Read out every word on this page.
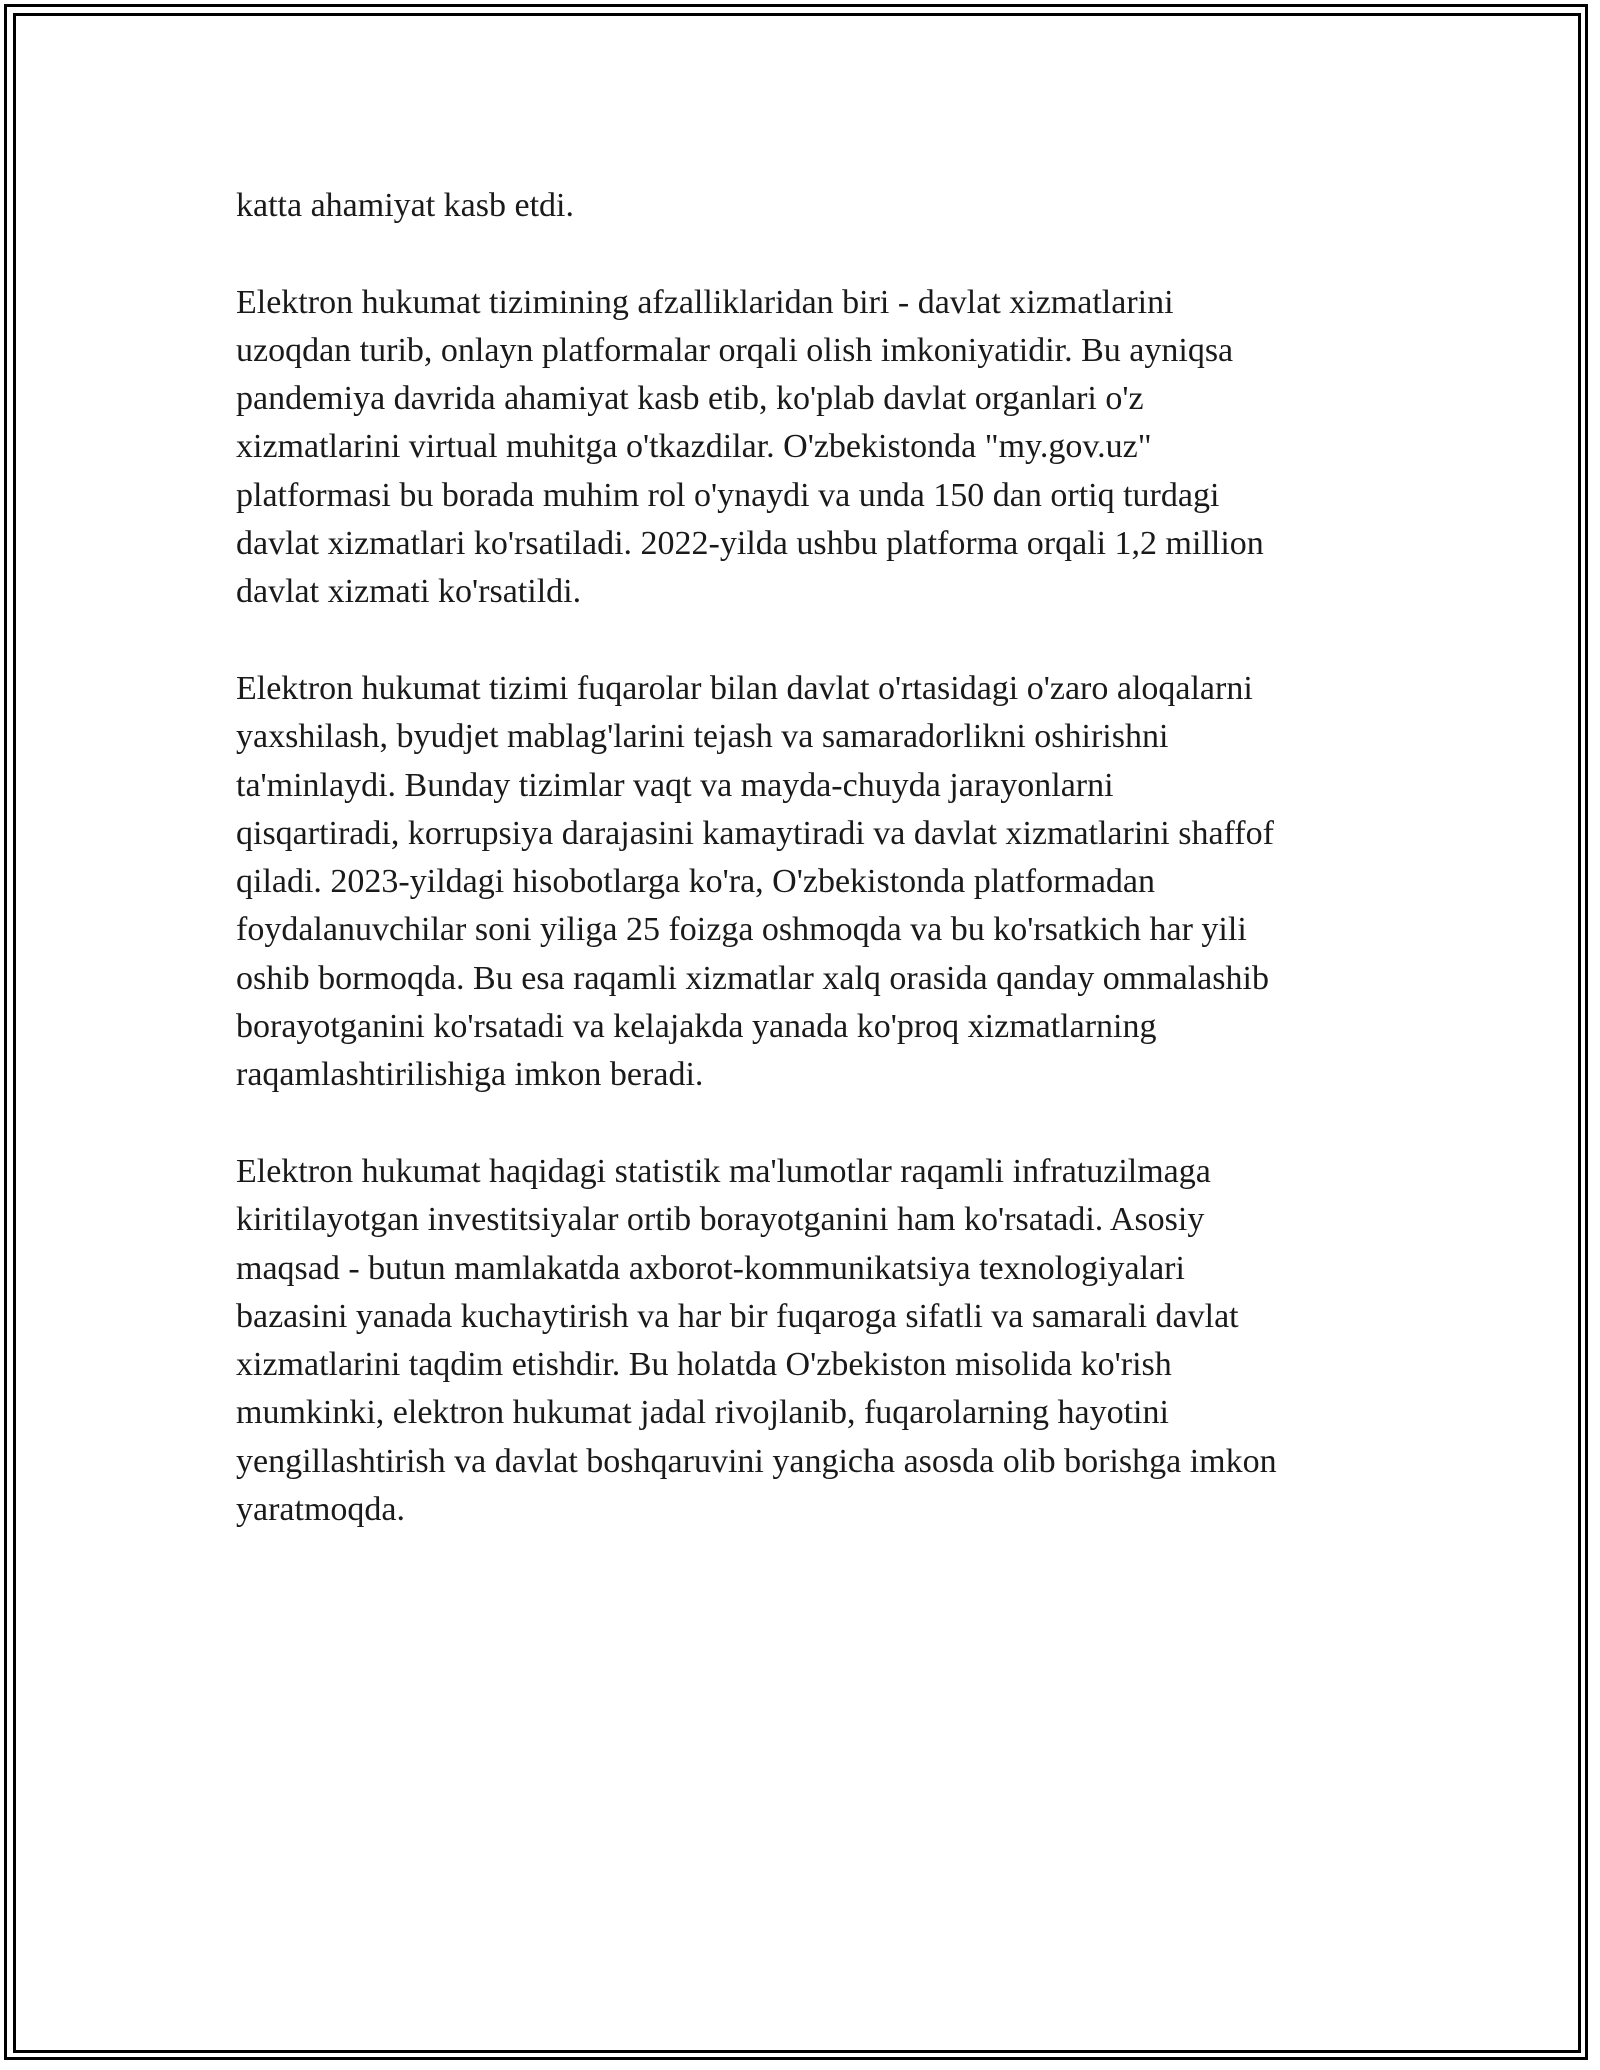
katta ahamiyat kasb etdi.

Elektron hukumat tizimining afzalliklaridan biri - davlat xizmatlarini
uzoqdan turib, onlayn platformalar orqali olish imkoniyatidir. Bu ayniqsa
pandemiya davrida ahamiyat kasb etib, ko'plab davlat organlari o'z
xizmatlarini virtual muhitga o'tkazdilar. O'zbekistonda "my.gov.uz"
platformasi bu borada muhim rol o'ynaydi va unda 150 dan ortiq turdagi
davlat xizmatlari ko'rsatiladi. 2022-yilda ushbu platforma orqali 1,2 million
davlat xizmati ko'rsatildi.

Elektron hukumat tizimi fuqarolar bilan davlat o'rtasidagi o'zaro aloqalarni
yaxshilash, byudjet mablag'larini tejash va samaradorlikni oshirishni
ta'minlaydi. Bunday tizimlar vaqt va mayda-chuyda jarayonlarni
qisqartiradi, korrupsiya darajasini kamaytiradi va davlat xizmatlarini shaffof
qiladi. 2023-yildagi hisobotlarga ko'ra, O'zbekistonda platformadan
foydalanuvchilar soni yiliga 25 foizga oshmoqda va bu ko'rsatkich har yili
oshib bormoqda. Bu esa raqamli xizmatlar xalq orasida qanday ommalashib
borayotganini ko'rsatadi va kelajakda yanada ko'proq xizmatlarning
raqamlashtirilishiga imkon beradi.

Elektron hukumat haqidagi statistik ma'lumotlar raqamli infratuzilmaga
kiritilayotgan investitsiyalar ortib borayotganini ham ko'rsatadi. Asosiy
maqsad - butun mamlakatda axborot-kommunikatsiya texnologiyalari
bazasini yanada kuchaytirish va har bir fuqaroga sifatli va samarali davlat
xizmatlarini taqdim etishdir. Bu holatda O'zbekiston misolida ko'rish
mumkinki, elektron hukumat jadal rivojlanib, fuqarolarning hayotini
yengillashtirish va davlat boshqaruvini yangicha asosda olib borishga imkon
yaratmoqda.
